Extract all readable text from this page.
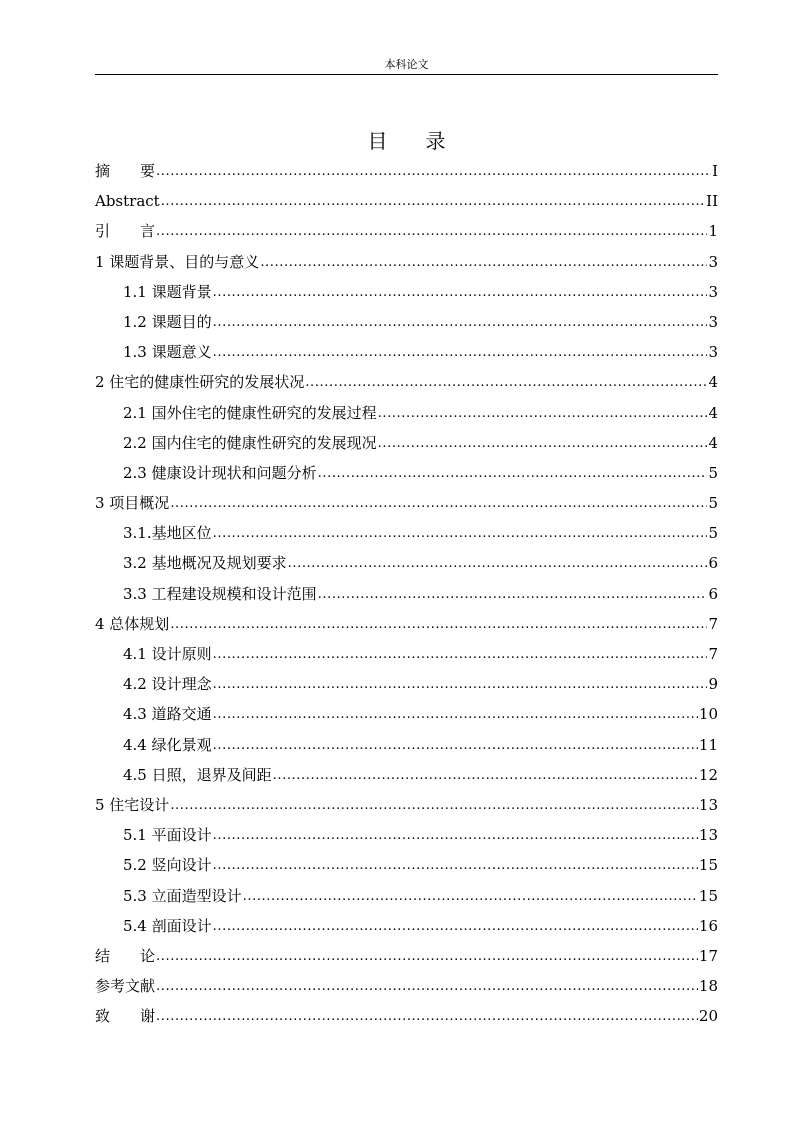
本科论文
目录
摘　　要 .....	I
Abstract .....	II
引　　言 .....	1
1 课题背景、目的与意义 .....	3
1.1 课题背景 .....	3
1.2 课题目的 .....	3
1.3 课题意义 .....	3
2 住宅的健康性研究的发展状况 .....	4
2.1 国外住宅的健康性研究的发展过程 .....	4
2.2 国内住宅的健康性研究的发展现况 .....	4
2.3 健康设计现状和问题分析 .....	5
3 项目概况 .....	5
3.1.基地区位 .....	5
3.2 基地概况及规划要求 .....	6
3.3 工程建设规模和设计范围 .....	6
4 总体规划 .....	7
4.1 设计原则 .....	7
4.2 设计理念 .....	9
4.3 道路交通 .....	10
4.4 绿化景观 .....	11
4.5 日照，退界及间距 .....	12
5 住宅设计 .....	13
5.1 平面设计 .....	13
5.2 竖向设计 .....	15
5.3 立面造型设计 .....	15
5.4 剖面设计 .....	16
结　　论 .....	17
参考文献 .....	18
致　　谢 .....	20
